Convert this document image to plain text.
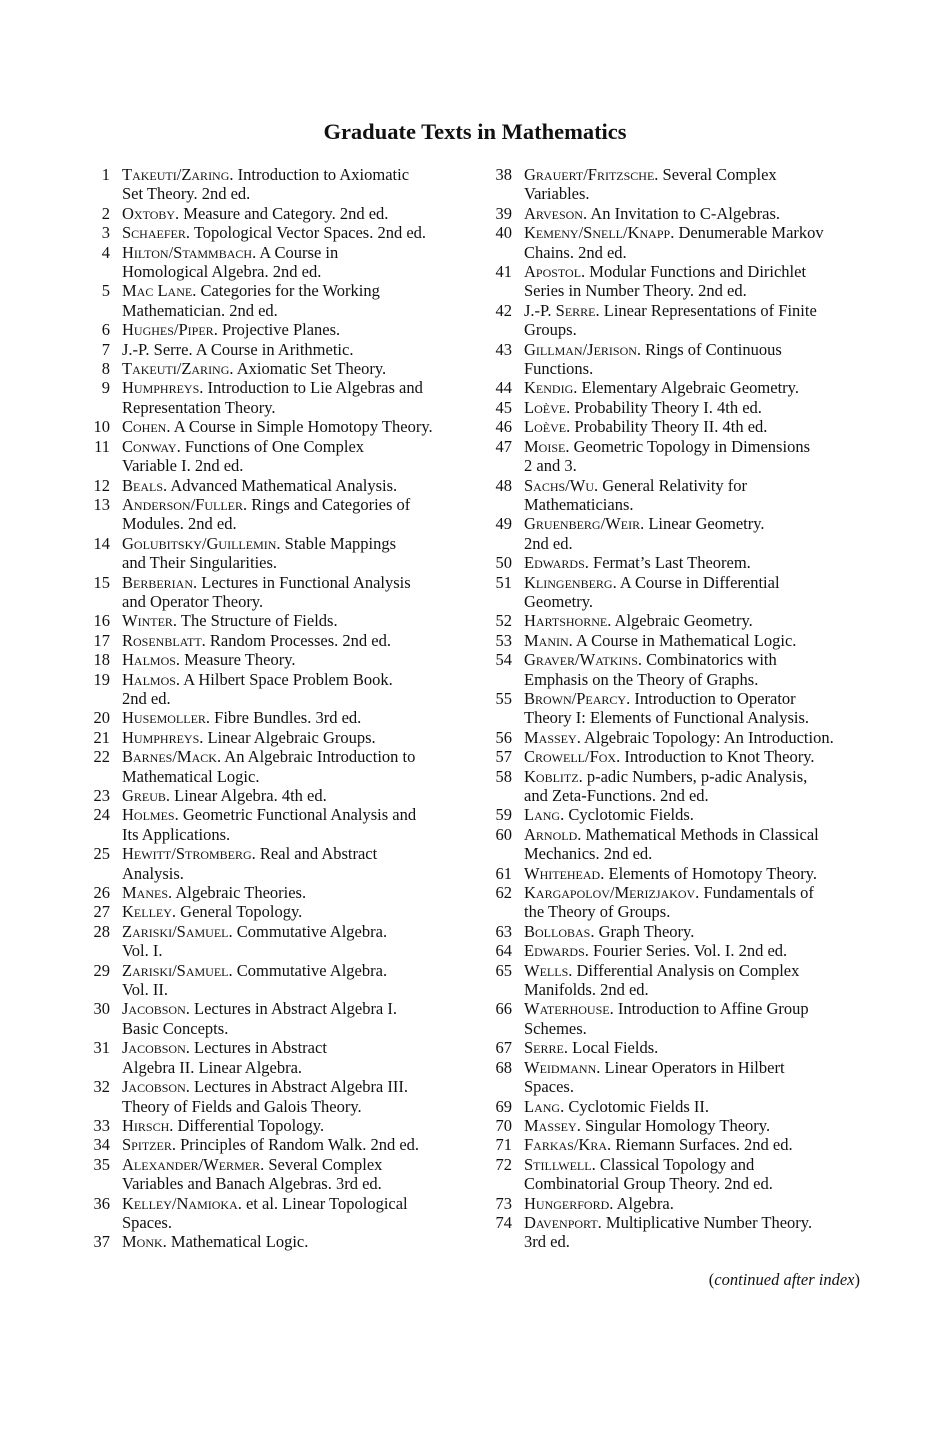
Graduate Texts in Mathematics
1 Takeuti/Zaring. Introduction to Axiomatic
Set Theory. 2nd ed.
2 Oxtoby. Measure and Category. 2nd ed.
3 Schaefer. Topological Vector Spaces. 2nd ed.
4 Hilton/Stammbach. A Course in
Homological Algebra. 2nd ed.
5 Mac Lane. Categories for the Working
Mathematician. 2nd ed.
6 Hughes/Piper. Projective Planes.
7 J.-P. Serre. A Course in Arithmetic.
8 Takeuti/Zaring. Axiomatic Set Theory.
9 Humphreys. Introduction to Lie Algebras and
Representation Theory.
10 Cohen. A Course in Simple Homotopy Theory.
11 Conway. Functions of One Complex
Variable I. 2nd ed.
12 Beals. Advanced Mathematical Analysis.
13 Anderson/Fuller. Rings and Categories of
Modules. 2nd ed.
14 Golubitsky/Guillemin. Stable Mappings
and Their Singularities.
15 Berberian. Lectures in Functional Analysis
and Operator Theory.
16 Winter. The Structure of Fields.
17 Rosenblatt. Random Processes. 2nd ed.
18 Halmos. Measure Theory.
19 Halmos. A Hilbert Space Problem Book.
2nd ed.
20 Husemoller. Fibre Bundles. 3rd ed.
21 Humphreys. Linear Algebraic Groups.
22 Barnes/Mack. An Algebraic Introduction to
Mathematical Logic.
23 Greub. Linear Algebra. 4th ed.
24 Holmes. Geometric Functional Analysis and
Its Applications.
25 Hewitt/Stromberg. Real and Abstract
Analysis.
26 Manes. Algebraic Theories.
27 Kelley. General Topology.
28 Zariski/Samuel. Commutative Algebra.
Vol. I.
29 Zariski/Samuel. Commutative Algebra.
Vol. II.
30 Jacobson. Lectures in Abstract Algebra I.
Basic Concepts.
31 Jacobson. Lectures in Abstract
Algebra II. Linear Algebra.
32 Jacobson. Lectures in Abstract Algebra III.
Theory of Fields and Galois Theory.
33 Hirsch. Differential Topology.
34 Spitzer. Principles of Random Walk. 2nd ed.
35 Alexander/Wermer. Several Complex
Variables and Banach Algebras. 3rd ed.
36 Kelley/Namioka. et al. Linear Topological
Spaces.
37 Monk. Mathematical Logic.
38 Grauert/Fritzsche. Several Complex
Variables.
39 Arveson. An Invitation to C-Algebras.
40 Kemeny/Snell/Knapp. Denumerable Markov
Chains. 2nd ed.
41 Apostol. Modular Functions and Dirichlet
Series in Number Theory. 2nd ed.
42 J.-P. Serre. Linear Representations of Finite
Groups.
43 Gillman/Jerison. Rings of Continuous
Functions.
44 Kendig. Elementary Algebraic Geometry.
45 Loève. Probability Theory I. 4th ed.
46 Loève. Probability Theory II. 4th ed.
47 Moise. Geometric Topology in Dimensions
2 and 3.
48 Sachs/Wu. General Relativity for
Mathematicians.
49 Gruenberg/Weir. Linear Geometry.
2nd ed.
50 Edwards. Fermat’s Last Theorem.
51 Klingenberg. A Course in Differential
Geometry.
52 Hartshorne. Algebraic Geometry.
53 Manin. A Course in Mathematical Logic.
54 Graver/Watkins. Combinatorics with
Emphasis on the Theory of Graphs.
55 Brown/Pearcy. Introduction to Operator
Theory I: Elements of Functional Analysis.
56 Massey. Algebraic Topology: An Introduction.
57 Crowell/Fox. Introduction to Knot Theory.
58 Koblitz. p-adic Numbers, p-adic Analysis,
and Zeta-Functions. 2nd ed.
59 Lang. Cyclotomic Fields.
60 Arnold. Mathematical Methods in Classical
Mechanics. 2nd ed.
61 Whitehead. Elements of Homotopy Theory.
62 Kargapolov/Merizjakov. Fundamentals of
the Theory of Groups.
63 Bollobas. Graph Theory.
64 Edwards. Fourier Series. Vol. I. 2nd ed.
65 Wells. Differential Analysis on Complex
Manifolds. 2nd ed.
66 Waterhouse. Introduction to Affine Group
Schemes.
67 Serre. Local Fields.
68 Weidmann. Linear Operators in Hilbert
Spaces.
69 Lang. Cyclotomic Fields II.
70 Massey. Singular Homology Theory.
71 Farkas/Kra. Riemann Surfaces. 2nd ed.
72 Stillwell. Classical Topology and
Combinatorial Group Theory. 2nd ed.
73 Hungerford. Algebra.
74 Davenport. Multiplicative Number Theory.
3rd ed.
(continued after index)
